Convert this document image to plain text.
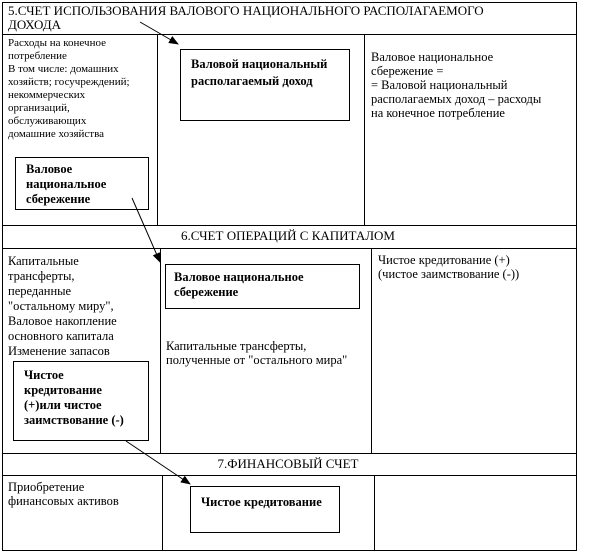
5.СЧЕТ ИСПОЛЬЗОВАНИЯ ВАЛОВОГО НАЦИОНАЛЬНОГО РАСПОЛАГАЕМОГО
ДОХОДА
Расходы на конечное
потребление
В том числе: домашних
хозяйств; госучреждений;
некоммерческих
организаций,
обслуживающих
домашние хозяйства
Валовое
национальное
сбережение
Валовой национальный
располагаемый доход
Валовое национальное
сбережение =
= Валовой национальный
располагаемых доход – расходы
на конечное потребление
6.СЧЕТ ОПЕРАЦИЙ С КАПИТАЛОМ
Капитальные
трансферты,
переданные
"остальному миру",
Валовое накопление
основного капитала
Изменение запасов
Чистое
кредитование
(+)или чистое
заимствование (-)
Валовое национальное
сбережение
Капитальные трансферты,
полученные от "остального мира"
Чистое кредитование (+)
(чистое заимствование (-))
7.ФИНАНСОВЫЙ СЧЕТ
Приобретение
финансовых активов	Чистое кредитование
